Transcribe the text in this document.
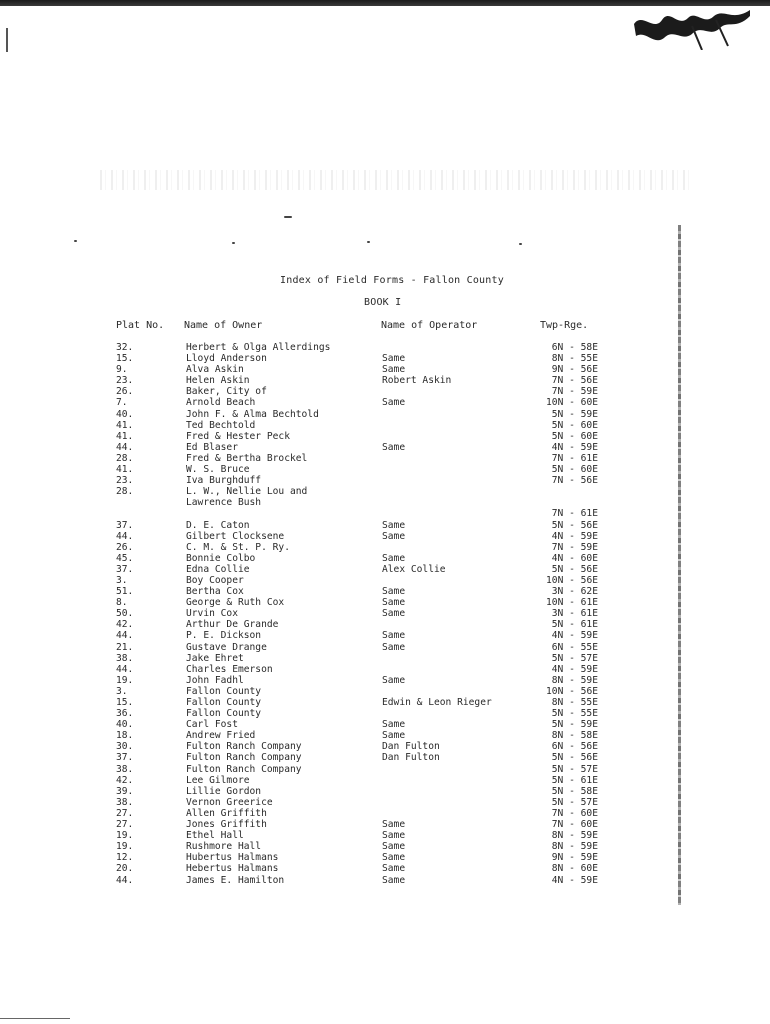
Index of Field Forms - Fallon County
BOOK I
Plat No. Name of Owner	Name of Operator	Twp-Rge.
32.	Herbert & Olga Allerdings	6N - 58E
15.	Lloyd Anderson	Same	8N - 55E
9.	Alva Askin	Same	9N - 56E
23.	Helen Askin	Robert Askin	7N - 56E
26.	Baker, City of	7N - 59E
7.	Arnold Beach	Same	10N - 60E
40.	John F. & Alma Bechtold	5N - 59E
41.	Ted Bechtold	5N - 60E
41.	Fred & Hester Peck	5N - 60E
44.	Ed Blaser	Same	4N - 59E
28.	Fred & Bertha Brockel	7N - 61E
41.	W. S. Bruce	5N - 60E
23.	Iva Burghduff	7N - 56E
28.	L. W., Nellie Lou and
Lawrence Bush
7N - 61E
37.	D. E. Caton	Same	5N - 56E
44.	Gilbert Clocksene	Same	4N - 59E
26.	C. M. & St. P. Ry.	7N - 59E
45.	Bonnie Colbo	Same	4N - 60E
37.	Edna Collie	Alex Collie	5N - 56E
3.	Boy Cooper	10N - 56E
51.	Bertha Cox	Same	3N - 62E
8.	George & Ruth Cox	Same	10N - 61E
50.	Urvin Cox	Same	3N - 61E
42.	Arthur De Grande	5N - 61E
44.	P. E. Dickson	Same	4N - 59E
21.	Gustave Drange	Same	6N - 55E
38.	Jake Ehret	5N - 57E
44.	Charles Emerson	4N - 59E
19.	John Fadhl	Same	8N - 59E
3.	Fallon County	10N - 56E
15.	Fallon County	Edwin & Leon Rieger	8N - 55E
36.	Fallon County	5N - 55E
40.	Carl Fost	Same	5N - 59E
18.	Andrew Fried	Same	8N - 58E
30.	Fulton Ranch Company	Dan Fulton	6N - 56E
37.	Fulton Ranch Company	Dan Fulton	5N - 56E
38.	Fulton Ranch Company	5N - 57E
42.	Lee Gilmore	5N - 61E
39.	Lillie Gordon	5N - 58E
38.	Vernon Greerice	5N - 57E
27.	Allen Griffith	7N - 60E
27.	Jones Griffith	Same	7N - 60E
19.	Ethel Hall	Same	8N - 59E
19.	Rushmore Hall	Same	8N - 59E
12.	Hubertus Halmans	Same	9N - 59E
20.	Hebertus Halmans	Same	8N - 60E
44.	James E. Hamilton	Same	4N - 59E
